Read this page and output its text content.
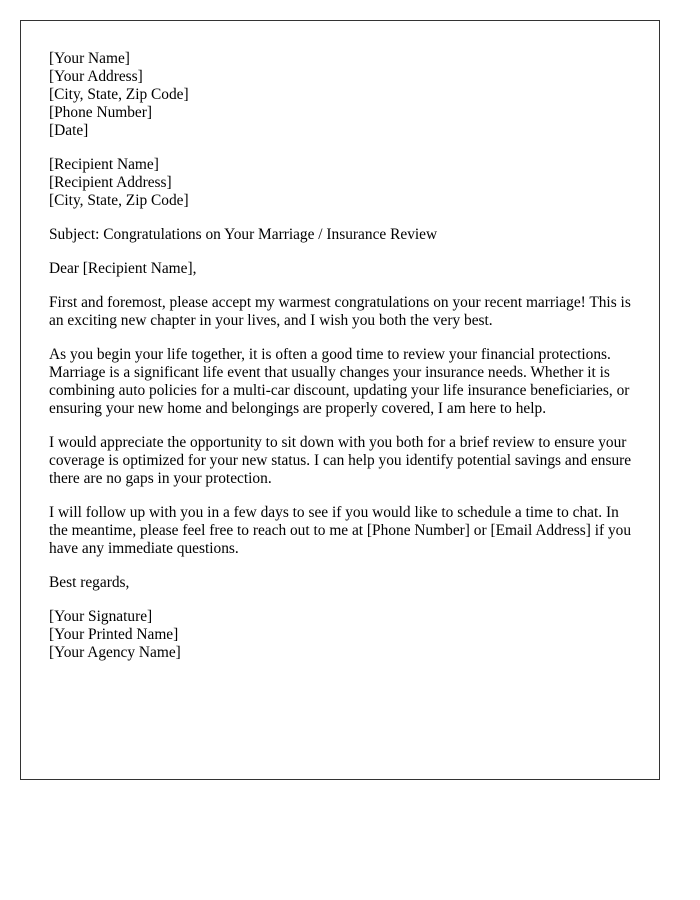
[Your Name]
[Your Address]
[City, State, Zip Code]
[Phone Number]
[Date]
[Recipient Name]
[Recipient Address]
[City, State, Zip Code]
Subject: Congratulations on Your Marriage / Insurance Review
Dear [Recipient Name],

First and foremost, please accept my warmest congratulations on your recent marriage! This is an exciting new chapter in your lives, and I wish you both the very best.

As you begin your life together, it is often a good time to review your financial protections. Marriage is a significant life event that usually changes your insurance needs. Whether it is combining auto policies for a multi-car discount, updating your life insurance beneficiaries, or ensuring your new home and belongings are properly covered, I am here to help.

I would appreciate the opportunity to sit down with you both for a brief review to ensure your coverage is optimized for your new status. I can help you identify potential savings and ensure there are no gaps in your protection.

I will follow up with you in a few days to see if you would like to schedule a time to chat. In the meantime, please feel free to reach out to me at [Phone Number] or [Email Address] if you have any immediate questions.

Best regards,
[Your Signature]
[Your Printed Name]
[Your Agency Name]
